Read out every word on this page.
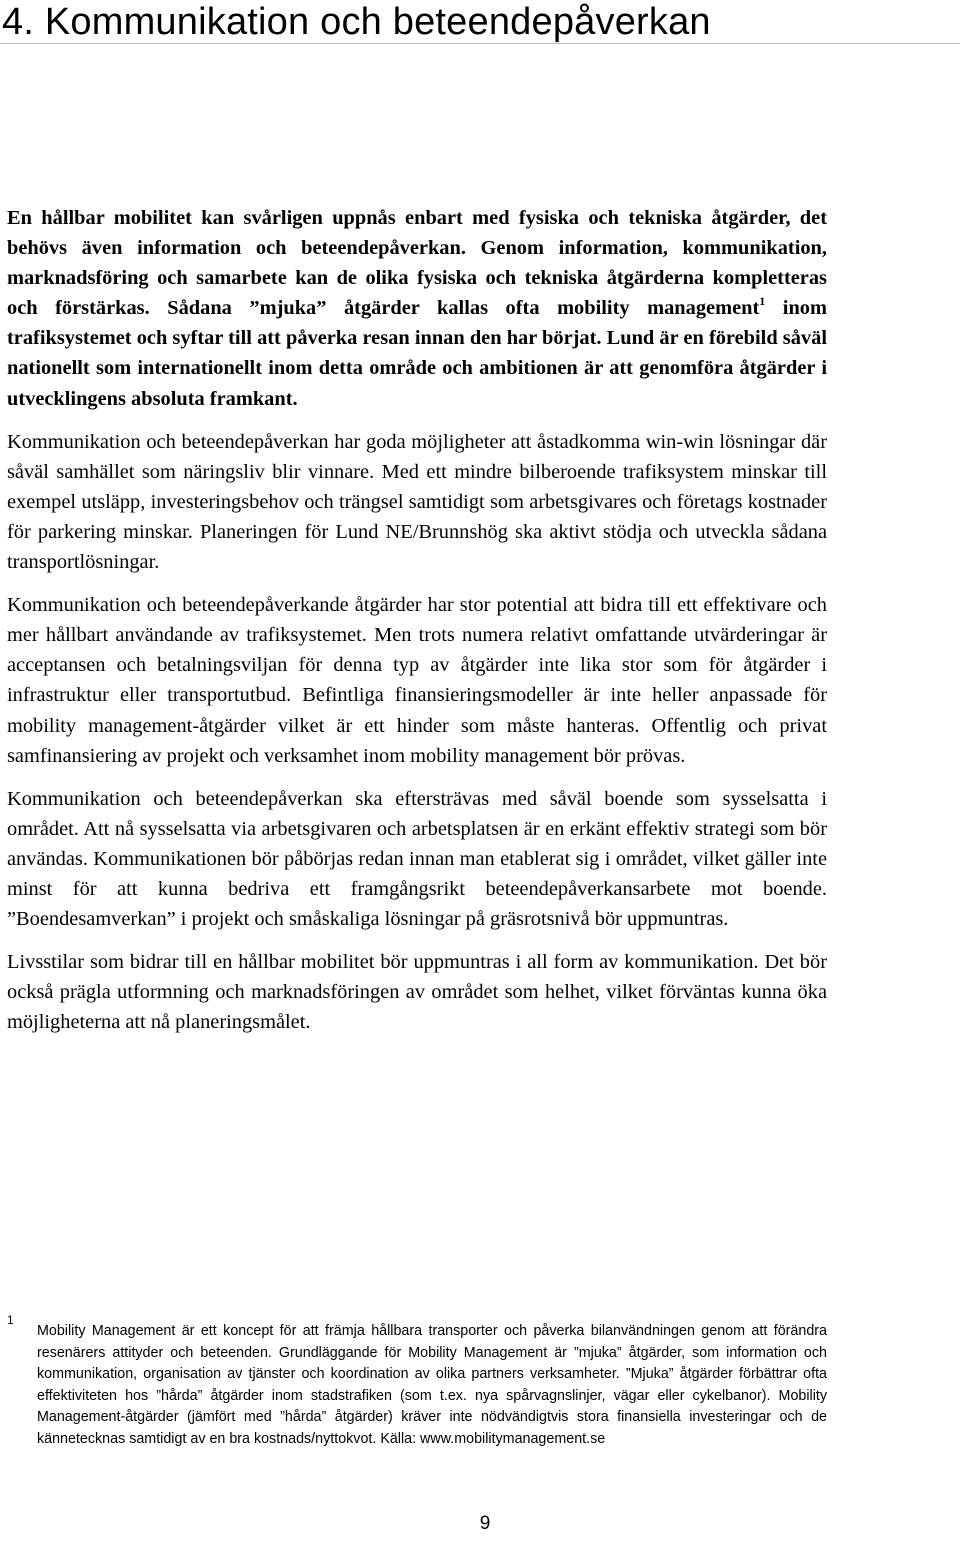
4. Kommunikation och beteendepåverkan

En hållbar mobilitet kan svårligen uppnås enbart med fysiska och tekniska åtgärder, det behövs även information och beteendepåverkan. Genom information, kommunikation, marknadsföring och samarbete kan de olika fysiska och tekniska åtgärderna kompletteras och förstärkas. Sådana ”mjuka” åtgärder kallas ofta mobility management$^1$ inom trafiksystemet och syftar till att påverka resan innan den har börjat. Lund är en förebild såväl nationellt som internationellt inom detta område och ambitionen är att genomföra åtgärder i utvecklingens absoluta framkant.

Kommunikation och beteendepåverkan har goda möjligheter att åstadkomma win-win lösningar där såväl samhället som näringsliv blir vinnare. Med ett mindre bilberoende trafiksystem minskar till exempel utsläpp, investeringsbehov och trängsel samtidigt som arbetsgivares och företags kostnader för parkering minskar. Planeringen för Lund NE/Brunnshög ska aktivt stödja och utveckla sådana transportlösningar.

Kommunikation och beteendepåverkande åtgärder har stor potential att bidra till ett effektivare och mer hållbart användande av trafiksystemet. Men trots numera relativt omfattande utvärderingar är acceptansen och betalningsviljan för denna typ av åtgärder inte lika stor som för åtgärder i infrastruktur eller transportutbud. Befintliga finansieringsmodeller är inte heller anpassade för mobility management-åtgärder vilket är ett hinder som måste hanteras. Offentlig och privat samfinansiering av projekt och verksamhet inom mobility management bör prövas.

Kommunikation och beteendepåverkan ska eftersträvas med såväl boende som sysselsatta i området. Att nå sysselsatta via arbetsgivaren och arbetsplatsen är en erkänt effektiv strategi som bör användas. Kommunikationen bör påbörjas redan innan man etablerat sig i området, vilket gäller inte minst för att kunna bedriva ett framgångsrikt beteendepåverkansarbete mot boende. ”Boendesamverkan” i projekt och småskaliga lösningar på gräsrotsnivå bör uppmuntras.

Livsstilar som bidrar till en hållbar mobilitet bör uppmuntras i all form av kommunikation. Det bör också prägla utformning och marknadsföringen av området som helhet, vilket förväntas kunna öka möjligheterna att nå planeringsmålet.

1

Mobility Management är ett koncept för att främja hållbara transporter och påverka bilanvändningen genom att förändra resenärers attityder och beteenden. Grundläggande för Mobility Management är ”mjuka” åtgärder, som information och kommunikation, organisation av tjänster och koordination av olika partners verksamheter. ”Mjuka” åtgärder förbättrar ofta effektiviteten hos ”hårda” åtgärder inom stadstrafiken (som t.ex. nya spårvagnslinjer, vägar eller cykelbanor). Mobility Management-åtgärder (jämfört med ”hårda” åtgärder) kräver inte nödvändigtvis stora finansiella investeringar och de kännetecknas samtidigt av en bra kostnads/nyttokvot. Källa: www.mobilitymanagement.se

9
